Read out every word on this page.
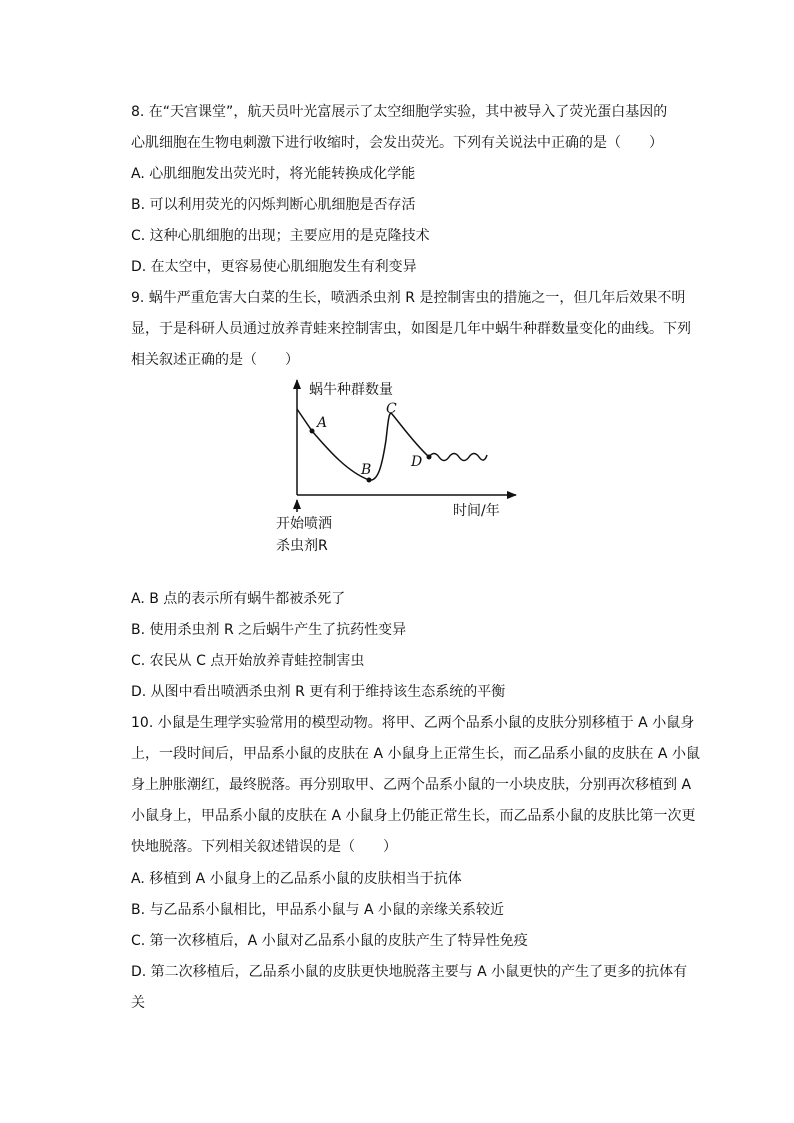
8. 在“天宫课堂”，航天员叶光富展示了太空细胞学实验，其中被导入了荧光蛋白基因的
心肌细胞在生物电刺激下进行收缩时，会发出荧光。下列有关说法中正确的是（　　）
A. 心肌细胞发出荧光时，将光能转换成化学能
B. 可以利用荧光的闪烁判断心肌细胞是否存活
C. 这种心肌细胞的出现；主要应用的是克隆技术
D. 在太空中，更容易使心肌细胞发生有利变异
9. 蜗牛严重危害大白菜的生长，喷洒杀虫剂 R 是控制害虫的措施之一，但几年后效果不明
显，于是科研人员通过放养青蛙来控制害虫，如图是几年中蜗牛种群数量变化的曲线。下列
相关叙述正确的是（　　）
A
B
C
D
蜗牛种群数量
时间/年
开始喷洒
杀虫剂R
A. B 点的表示所有蜗牛都被杀死了
B. 使用杀虫剂 R 之后蜗牛产生了抗药性变异
C. 农民从 C 点开始放养青蛙控制害虫
D. 从图中看出喷洒杀虫剂 R 更有利于维持该生态系统的平衡
10. 小鼠是生理学实验常用的模型动物。将甲、乙两个品系小鼠的皮肤分别移植于 A 小鼠身
上，一段时间后，甲品系小鼠的皮肤在 A 小鼠身上正常生长，而乙品系小鼠的皮肤在 A 小鼠
身上肿胀潮红，最终脱落。再分别取甲、乙两个品系小鼠的一小块皮肤，分别再次移植到 A
小鼠身上，甲品系小鼠的皮肤在 A 小鼠身上仍能正常生长，而乙品系小鼠的皮肤比第一次更
快地脱落。下列相关叙述错误的是（　　）
A. 移植到 A 小鼠身上的乙品系小鼠的皮肤相当于抗体
B. 与乙品系小鼠相比，甲品系小鼠与 A 小鼠的亲缘关系较近
C. 第一次移植后，A 小鼠对乙品系小鼠的皮肤产生了特异性免疫
D. 第二次移植后，乙品系小鼠的皮肤更快地脱落主要与 A 小鼠更快的产生了更多的抗体有
关
